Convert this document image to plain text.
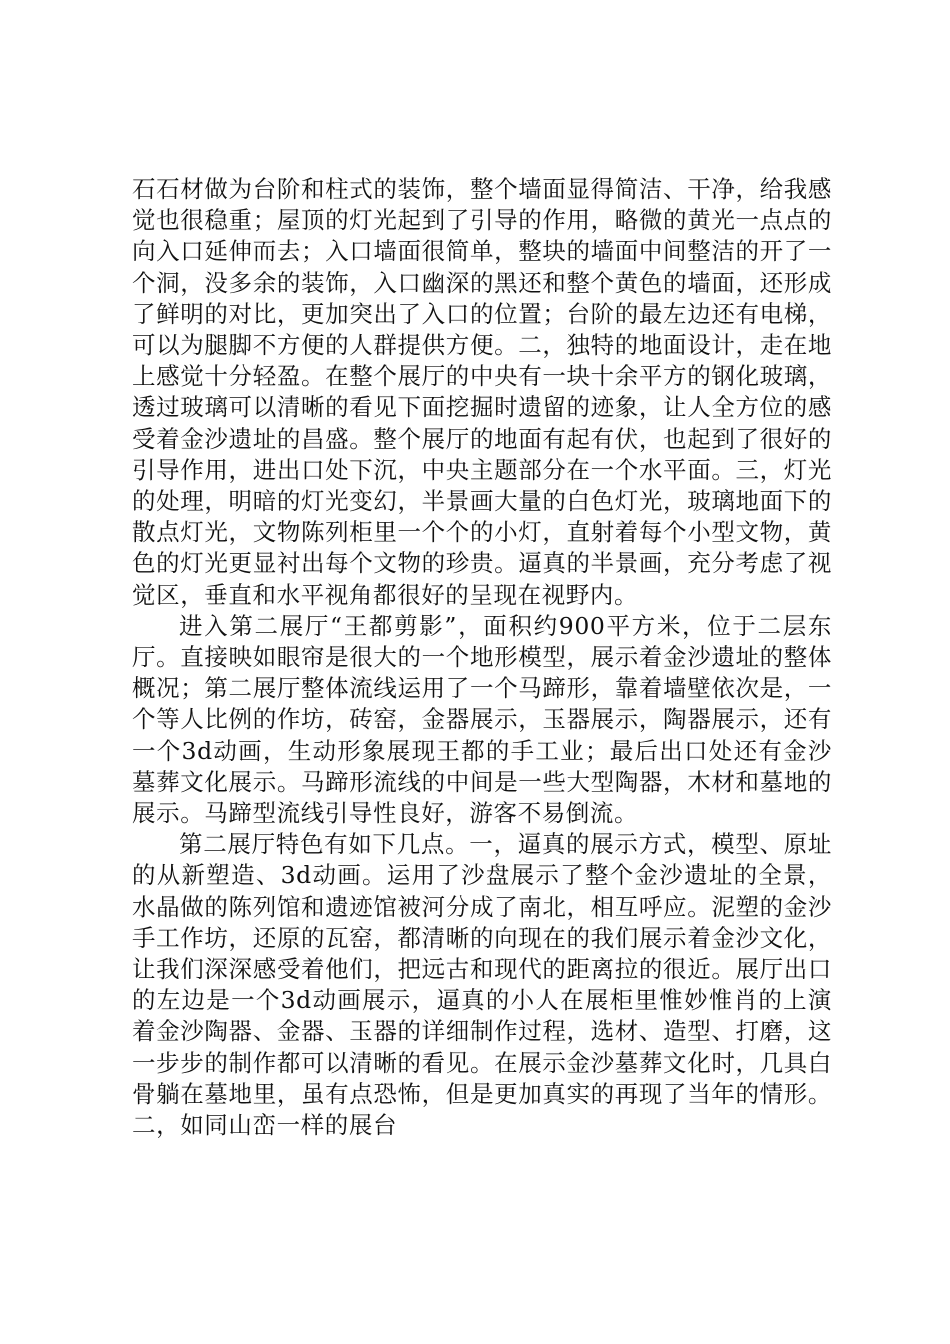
石石材做为台阶和柱式的装饰，整个墙面显得简洁、干净，给我感觉也很稳重；屋顶的灯光起到了引导的作用，略微的黄光一点点的向入口延伸而去；入口墙面很简单，整块的墙面中间整洁的开了一个洞，没多余的装饰，入口幽深的黑还和整个黄色的墙面，还形成了鲜明的对比，更加突出了入口的位置；台阶的最左边还有电梯，可以为腿脚不方便的人群提供方便。二，独特的地面设计，走在地上感觉十分轻盈。在整个展厅的中央有一块十余平方的钢化玻璃，透过玻璃可以清晰的看见下面挖掘时遗留的迹象，让人全方位的感受着金沙遗址的昌盛。整个展厅的地面有起有伏，也起到了很好的引导作用，进出口处下沉，中央主题部分在一个水平面。三，灯光的处理，明暗的灯光变幻，半景画大量的白色灯光，玻璃地面下的散点灯光，文物陈列柜里一个个的小灯，直射着每个小型文物，黄色的灯光更显衬出每个文物的珍贵。逼真的半景画，充分考虑了视觉区，垂直和水平视角都很好的呈现在视野内。

进入第二展厅“王都剪影”，面积约900平方米，位于二层东厅。直接映如眼帘是很大的一个地形模型，展示着金沙遗址的整体概况；第二展厅整体流线运用了一个马蹄形，靠着墙壁依次是，一个等人比例的作坊，砖窑，金器展示，玉器展示，陶器展示，还有一个3d动画，生动形象展现王都的手工业；最后出口处还有金沙墓葬文化展示。马蹄形流线的中间是一些大型陶器，木材和墓地的展示。马蹄型流线引导性良好，游客不易倒流。

第二展厅特色有如下几点。一，逼真的展示方式，模型、原址的从新塑造、3d动画。运用了沙盘展示了整个金沙遗址的全景，水晶做的陈列馆和遗迹馆被河分成了南北，相互呼应。泥塑的金沙手工作坊，还原的瓦窑，都清晰的向现在的我们展示着金沙文化，让我们深深感受着他们，把远古和现代的距离拉的很近。展厅出口的左边是一个3d动画展示，逼真的小人在展柜里惟妙惟肖的上演着金沙陶器、金器、玉器的详细制作过程，选材、造型、打磨，这一步步的制作都可以清晰的看见。在展示金沙墓葬文化时，几具白骨躺在墓地里，虽有点恐怖，但是更加真实的再现了当年的情形。二，如同山峦一样的展台
